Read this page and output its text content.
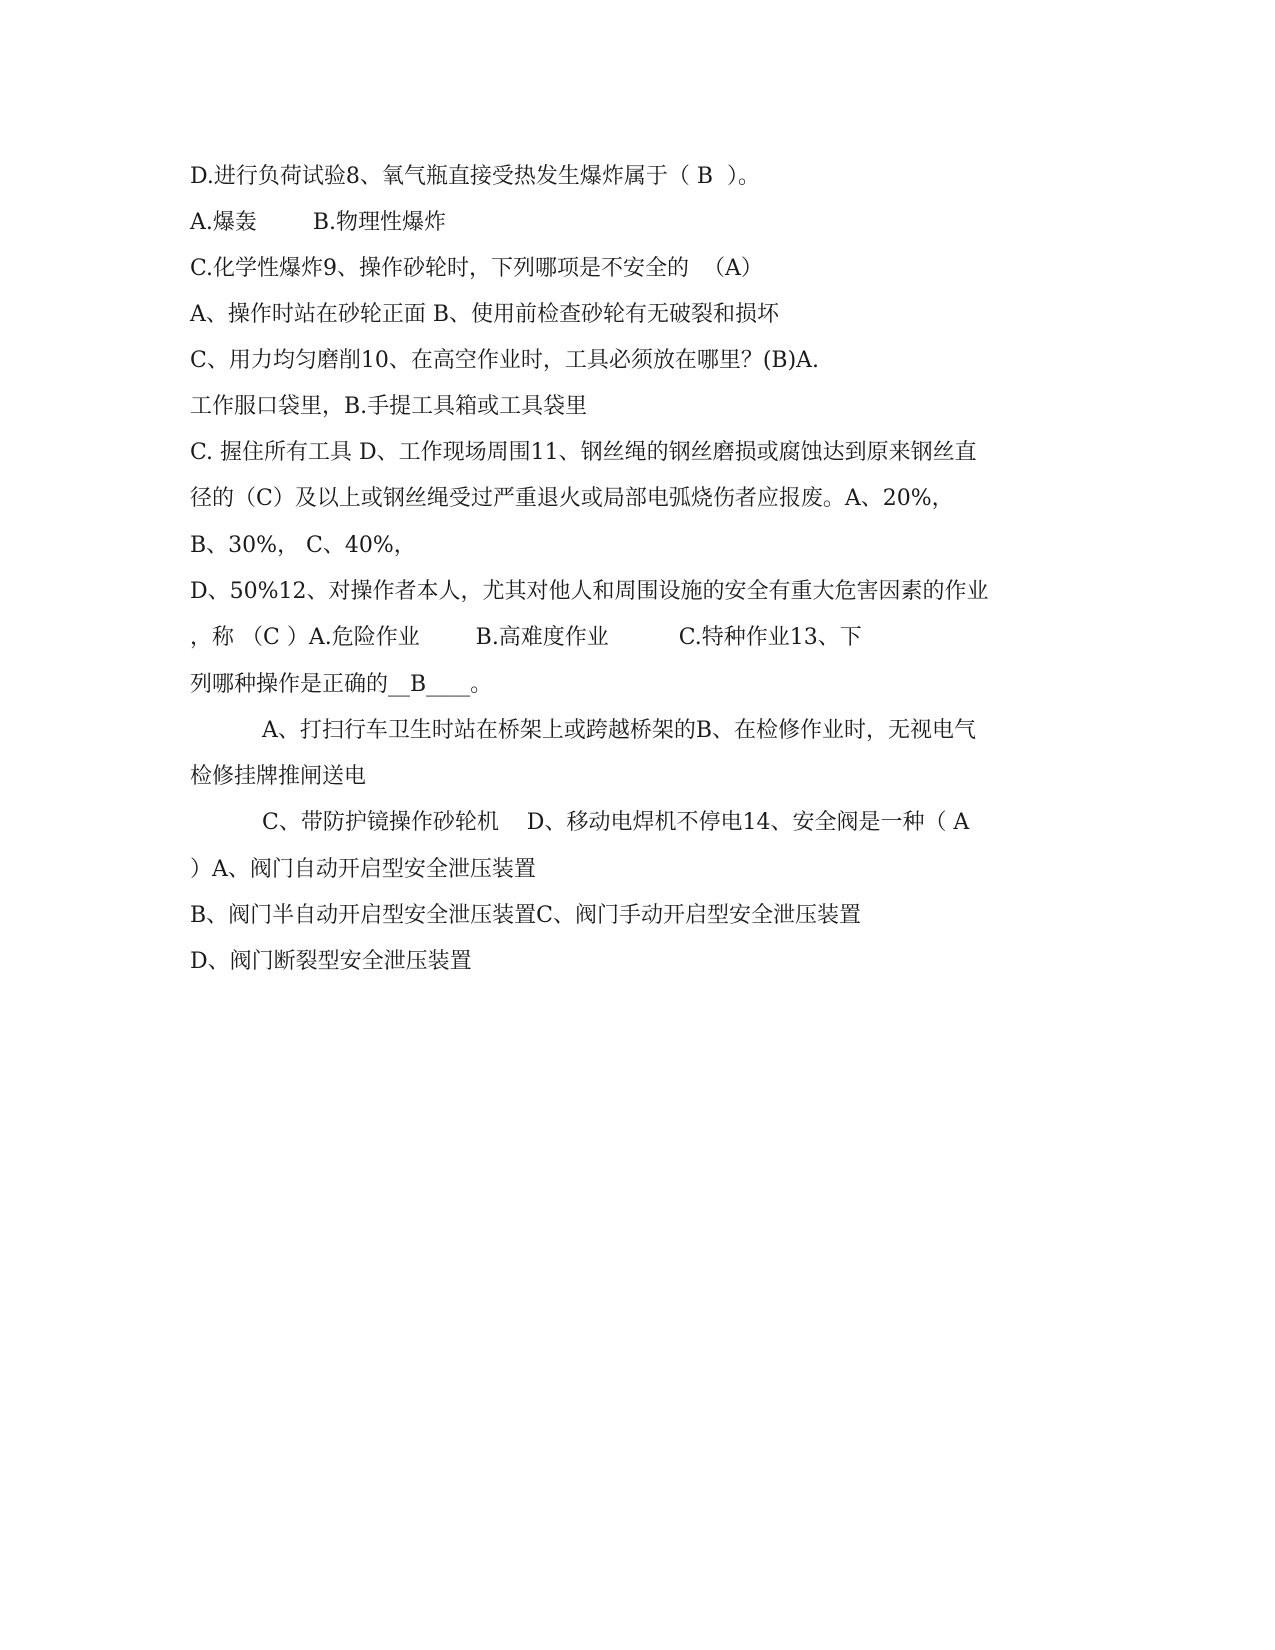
D.进行负荷试验8、氧气瓶直接受热发生爆炸属于（ B  ）。
A.爆轰        B.物理性爆炸
C.化学性爆炸9、操作砂轮时，下列哪项是不安全的  （A）
A、操作时站在砂轮正面 B、使用前检查砂轮有无破裂和损坏
C、用力均匀磨削10、在高空作业时，工具必须放在哪里？(B)A.
工作服口袋里，B.手提工具箱或工具袋里
C. 握住所有工具 D、工作现场周围11、钢丝绳的钢丝磨损或腐蚀达到原来钢丝直
径的（C）及以上或钢丝绳受过严重退火或局部电弧烧伤者应报废。A、20%，
B、30%， C、40%，
D、50%12、对操作者本人，尤其对他人和周围设施的安全有重大危害因素的作业
，称 （C ）A.危险作业        B.高难度作业          C.特种作业13、下
列哪种操作是正确的__B____。
A、打扫行车卫生时站在桥架上或跨越桥架的B、在检修作业时，无视电气
检修挂牌推闸送电
C、带防护镜操作砂轮机    D、移动电焊机不停电14、安全阀是一种（ A
）A、阀门自动开启型安全泄压装置
B、阀门半自动开启型安全泄压装置C、阀门手动开启型安全泄压装置
D、阀门断裂型安全泄压装置
